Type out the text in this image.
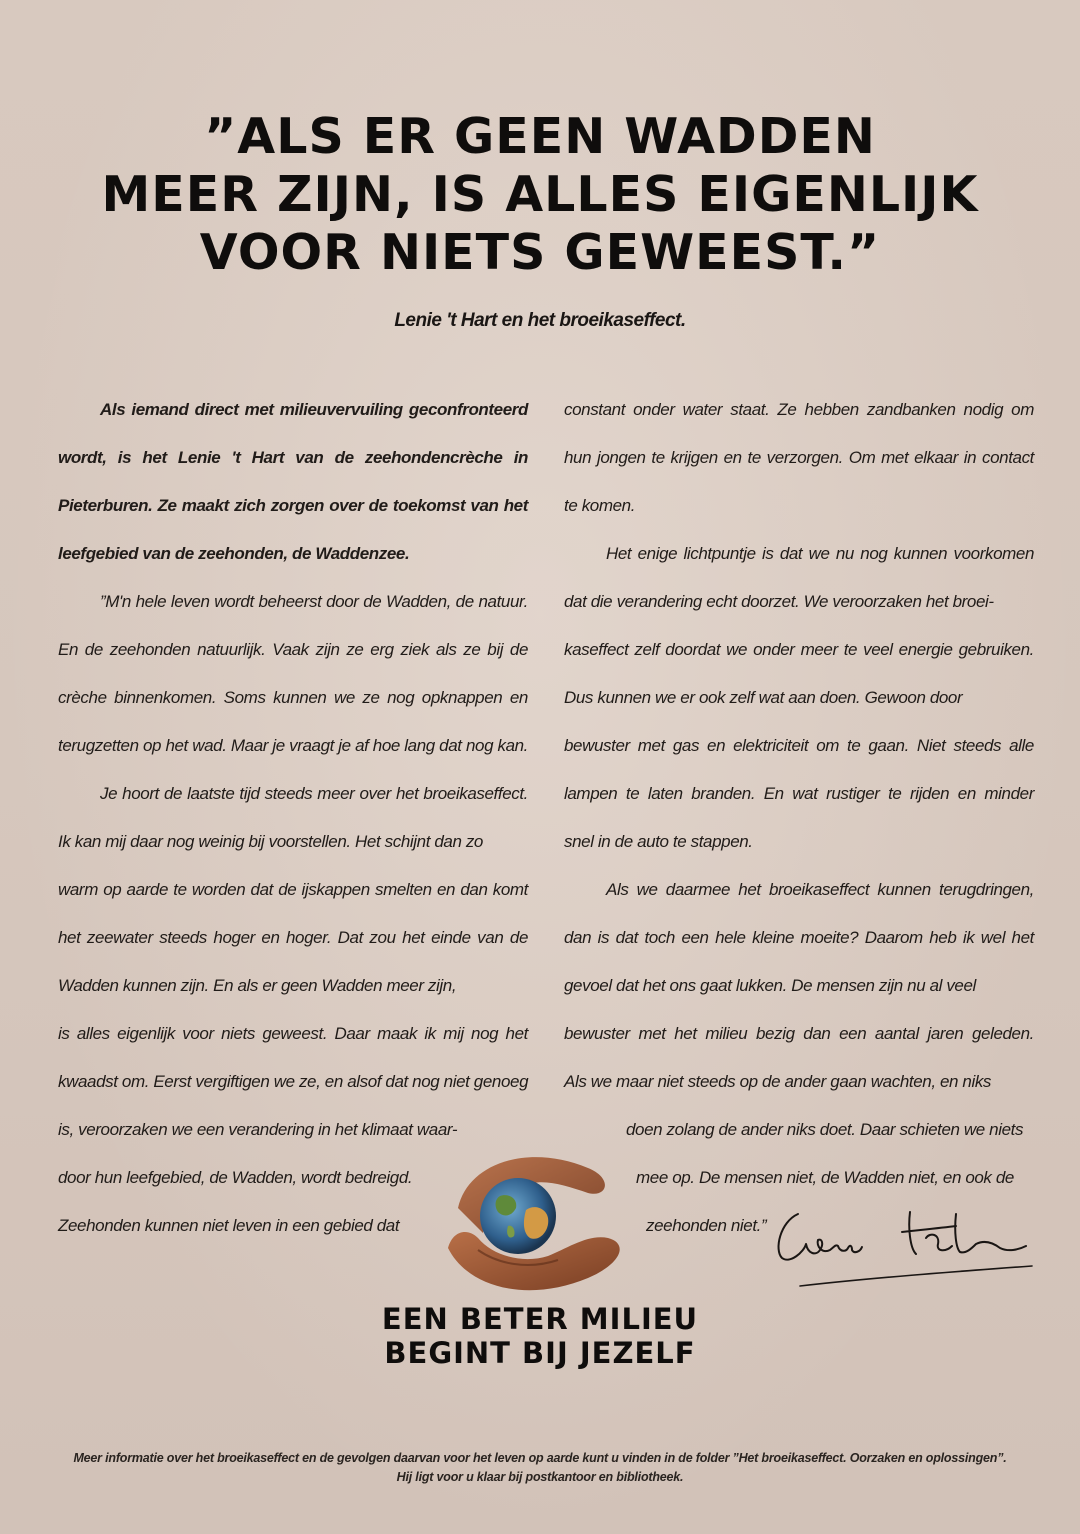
”ALS ER GEEN WADDEN
MEER ZIJN, IS ALLES EIGENLIJK
VOOR NIETS GEWEEST.”
Lenie 't Hart en het broeikaseffect.
Als iemand direct met milieuvervuiling geconfronteerd
wordt, is het Lenie 't Hart van de zeehondencrèche in
Pieterburen. Ze maakt zich zorgen over de toekomst van het
leefgebied van de zeehonden, de Waddenzee.
”M'n hele leven wordt beheerst door de Wadden, de natuur.
En de zeehonden natuurlijk. Vaak zijn ze erg ziek als ze bij de
crèche binnenkomen. Soms kunnen we ze nog opknappen en
terugzetten op het wad. Maar je vraagt je af hoe lang dat nog kan.
Je hoort de laatste tijd steeds meer over het broeikaseffect.
Ik kan mij daar nog weinig bij voorstellen. Het schijnt dan zo
warm op aarde te worden dat de ijskappen smelten en dan komt
het zeewater steeds hoger en hoger. Dat zou het einde van de
Wadden kunnen zijn. En als er geen Wadden meer zijn,
is alles eigenlijk voor niets geweest. Daar maak ik mij nog het
kwaadst om. Eerst vergiftigen we ze, en alsof dat nog niet genoeg
is, veroorzaken we een verandering in het klimaat waar-
door hun leefgebied, de Wadden, wordt bedreigd.
Zeehonden kunnen niet leven in een gebied dat
constant onder water staat. Ze hebben zandbanken nodig om
hun jongen te krijgen en te verzorgen. Om met elkaar in contact
te komen.
Het enige lichtpuntje is dat we nu nog kunnen voorkomen
dat die verandering echt doorzet. We veroorzaken het broei-
kaseffect zelf doordat we onder meer te veel energie gebruiken.
Dus kunnen we er ook zelf wat aan doen. Gewoon door
bewuster met gas en elektriciteit om te gaan. Niet steeds alle
lampen te laten branden. En wat rustiger te rijden en minder
snel in de auto te stappen.
Als we daarmee het broeikaseffect kunnen terugdringen,
dan is dat toch een hele kleine moeite? Daarom heb ik wel het
gevoel dat het ons gaat lukken. De mensen zijn nu al veel
bewuster met het milieu bezig dan een aantal jaren geleden.
Als we maar niet steeds op de ander gaan wachten, en niks
doen zolang de ander niks doet. Daar schieten we niets
mee op. De mensen niet, de Wadden niet, en ook de
zeehonden niet.”
EEN BETER MILIEU
BEGINT BIJ JEZELF
Meer informatie over het broeikaseffect en de gevolgen daarvan voor het leven op aarde kunt u vinden in de folder ”Het broeikaseffect. Oorzaken en oplossingen”.
Hij ligt voor u klaar bij postkantoor en bibliotheek.
